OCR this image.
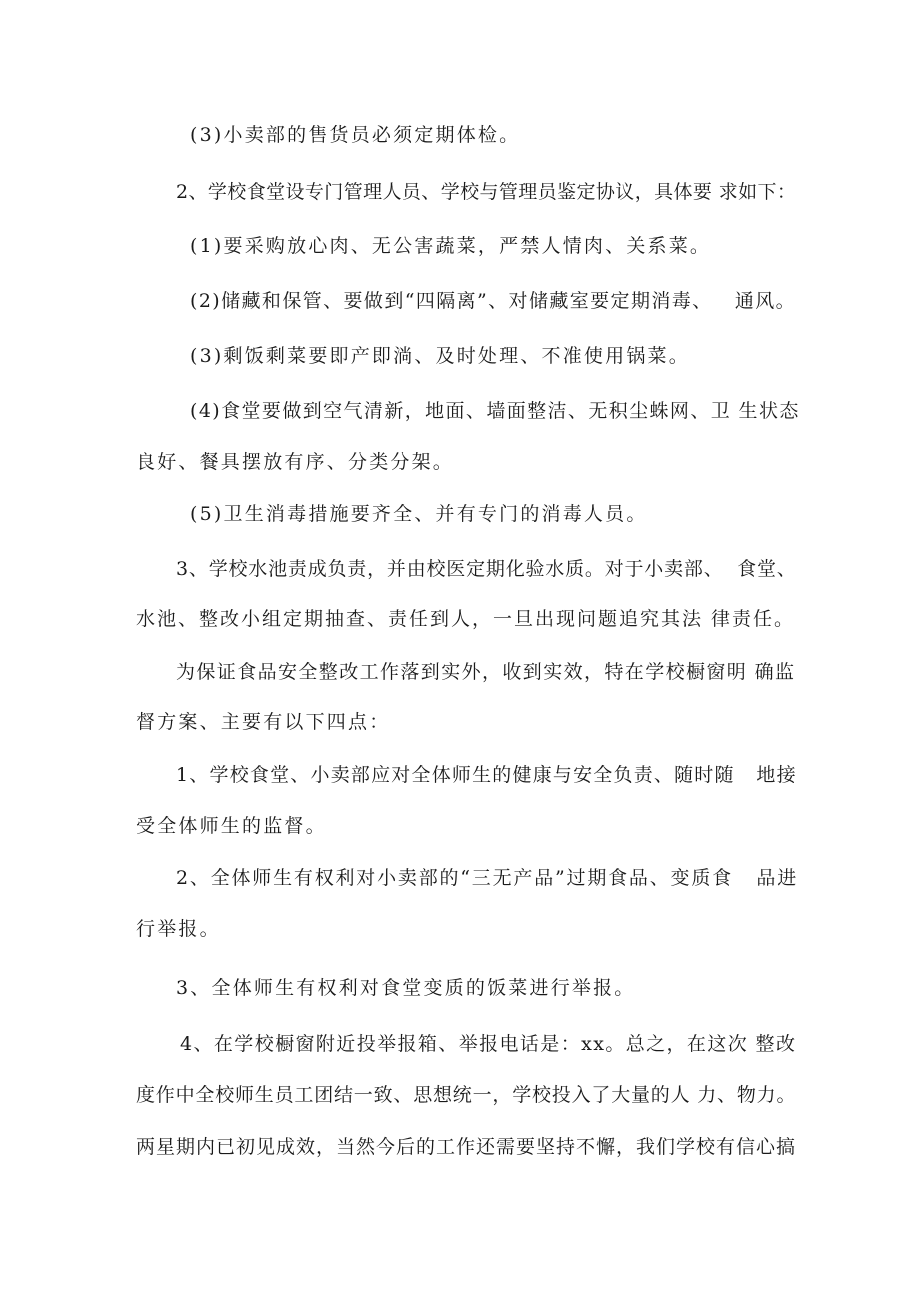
(3)小卖部的售货员必须定期体检。
2、学校食堂设专门管理人员、学校与管理员鉴定协议，具体要 求如下：
(1)要采购放心肉、无公害蔬菜，严禁人情肉、关系菜。
(2)储藏和保管、要做到“四隔离”、对储藏室要定期消毒、   通风。
(3)剩饭剩菜要即产即淌、及时处理、不准使用锅菜。
(4)食堂要做到空气清新，地面、墙面整洁、无积尘蛛网、卫 生状态
良好、餐具摆放有序、分类分架。
(5)卫生消毒措施要齐全、并有专门的消毒人员。
3、学校水池责成负责，并由校医定期化验水质。对于小卖部、  食堂、
水池、整改小组定期抽查、责任到人，一旦出现问题追究其法 律责任。
为保证食品安全整改工作落到实外，收到实效，特在学校橱窗明 确监
督方案、主要有以下四点：
1、学校食堂、小卖部应对全体师生的健康与安全负责、随时随   地接
受全体师生的监督。
2、全体师生有权利对小卖部的“三无产品”过期食品、变质食   品进
行举报。
3、全体师生有权利对食堂变质的饭菜进行举报。
4、在学校橱窗附近投举报箱、举报电话是：xx。总之，在这次 整改
度作中全校师生员工团结一致、思想统一，学校投入了大量的人 力、物力。
两星期内已初见成效，当然今后的工作还需要坚持不懈，我们学校有信心搞
